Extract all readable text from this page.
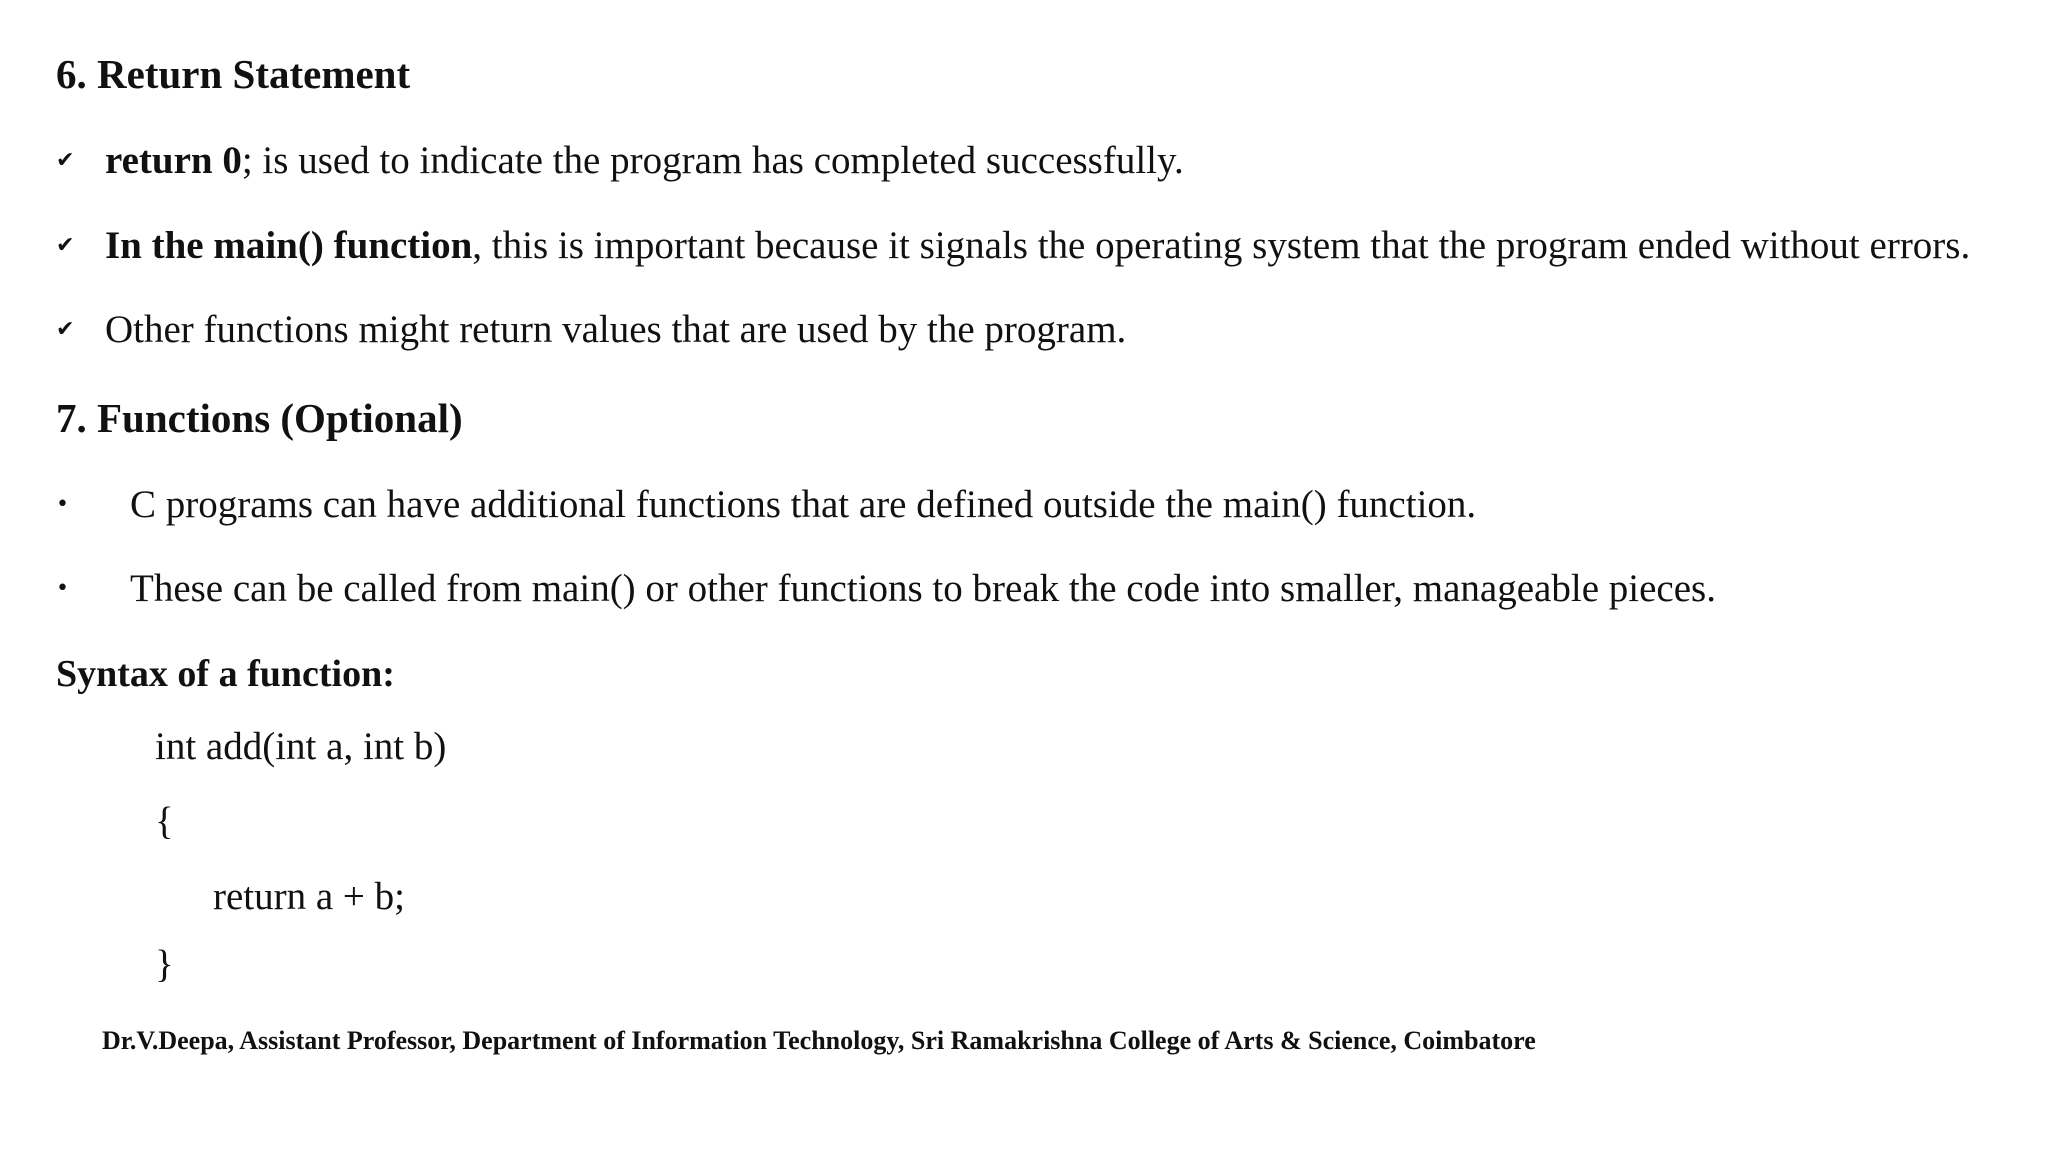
6. Return Statement
✔ return 0; is used to indicate the program has completed successfully.
✔ In the main() function, this is important because it signals the operating system that the program ended without errors.
✔ Other functions might return values that are used by the program.
7. Functions (Optional)
• C programs can have additional functions that are defined outside the main() function.
• These can be called from main() or other functions to break the code into smaller, manageable pieces.
Syntax of a function:
int add(int a, int b)
{
return a + b;
}
Dr.V.Deepa, Assistant Professor, Department of Information Technology, Sri Ramakrishna College of Arts & Science, Coimbatore
